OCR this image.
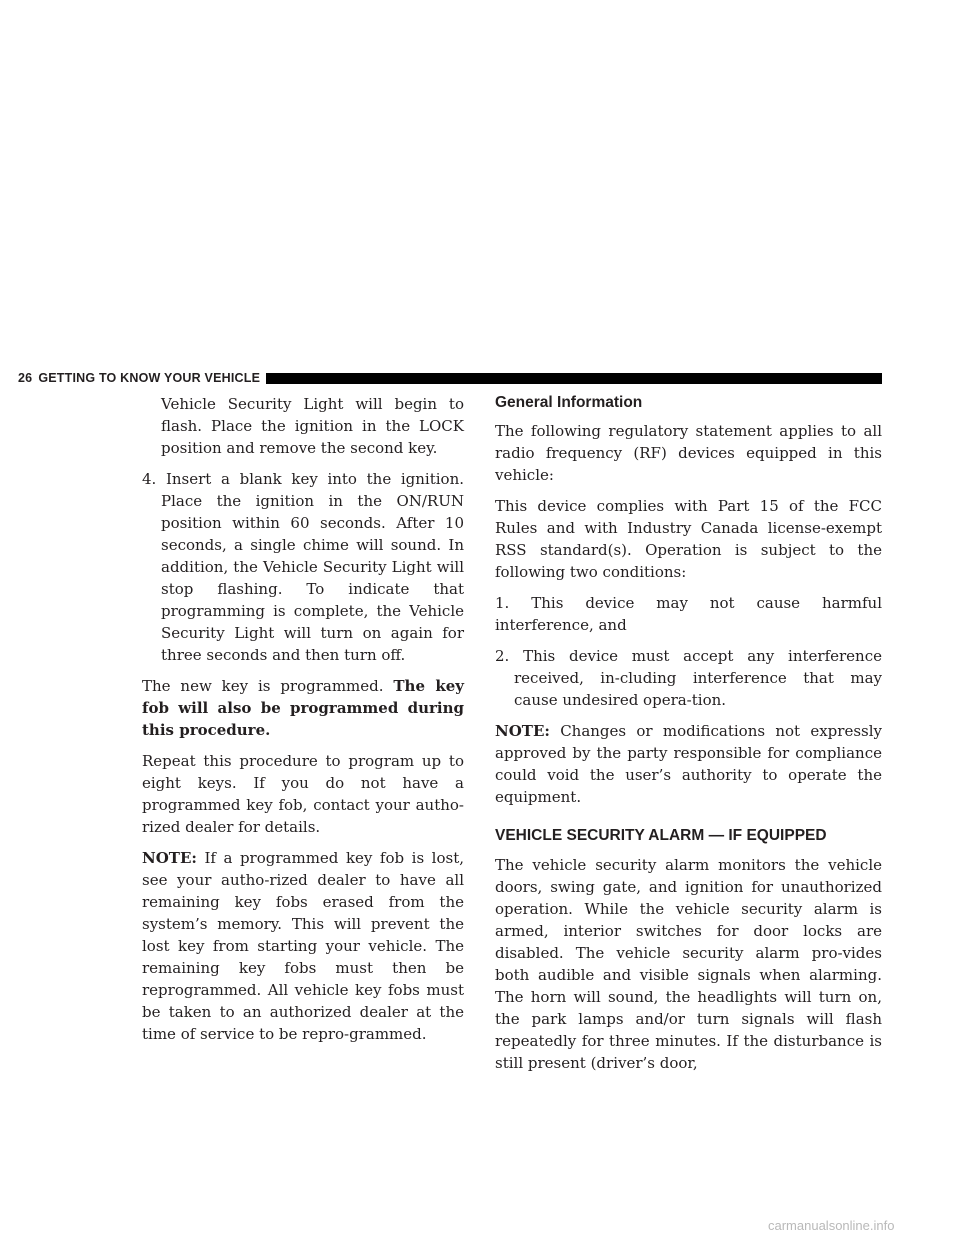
26 GETTING TO KNOW YOUR VEHICLE

Vehicle Security Light will begin to flash. Place the ignition in the LOCK position and remove the second key.

4. Insert a blank key into the ignition. Place the ignition in the ON/RUN position within 60 seconds. After 10 seconds, a single chime will sound. In addition, the Vehicle Security Light will stop flashing. To indicate that programming is complete, the Vehicle Security Light will turn on again for three seconds and then turn off.

The new key is programmed. The key fob will also be programmed during this procedure.

Repeat this procedure to program up to eight keys. If you do not have a programmed key fob, contact your autho-rized dealer for details.

NOTE: If a programmed key fob is lost, see your autho-rized dealer to have all remaining key fobs erased from the system’s memory. This will prevent the lost key from starting your vehicle. The remaining key fobs must then be reprogrammed. All vehicle key fobs must be taken to an authorized dealer at the time of service to be repro-grammed.

General Information

The following regulatory statement applies to all radio frequency (RF) devices equipped in this vehicle:

This device complies with Part 15 of the FCC Rules and with Industry Canada license-exempt RSS standard(s). Operation is subject to the following two conditions:

1. This device may not cause harmful interference, and

2. This device must accept any interference received, in-cluding interference that may cause undesired opera-tion.

NOTE: Changes or modifications not expressly approved by the party responsible for compliance could void the user’s authority to operate the equipment.

VEHICLE SECURITY ALARM — IF EQUIPPED

The vehicle security alarm monitors the vehicle doors, swing gate, and ignition for unauthorized operation. While the vehicle security alarm is armed, interior switches for door locks are disabled. The vehicle security alarm pro-vides both audible and visible signals when alarming. The horn will sound, the headlights will turn on, the park lamps and/or turn signals will flash repeatedly for three minutes. If the disturbance is still present (driver’s door,

carmanualsonline.info
